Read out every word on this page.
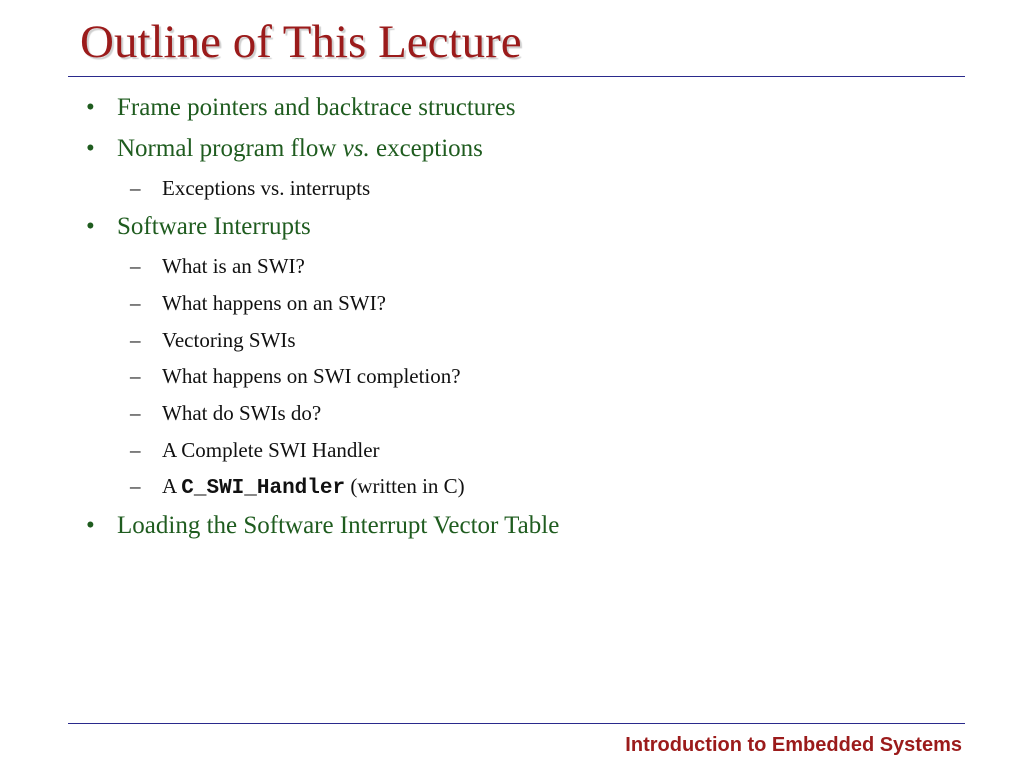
Outline of This Lecture
• Frame pointers and backtrace structures
• Normal program flow vs. exceptions
– Exceptions vs. interrupts
• Software Interrupts
– What is an SWI?
– What happens on an SWI?
– Vectoring SWIs
– What happens on SWI completion?
– What do SWIs do?
– A Complete SWI Handler
– A C_SWI_Handler (written in C)
• Loading the Software Interrupt Vector Table
Introduction to Embedded Systems
